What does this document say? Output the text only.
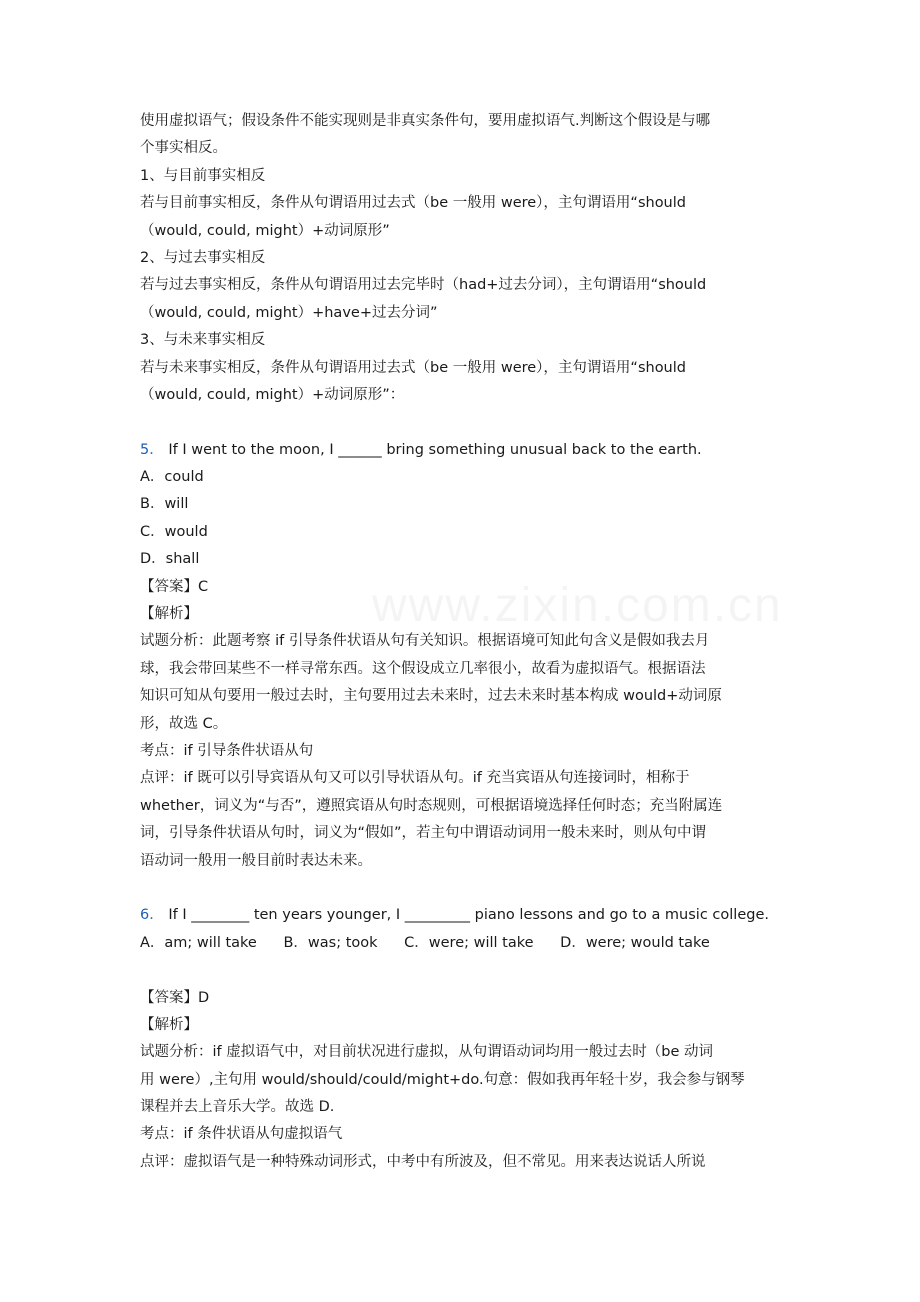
使用虚拟语气；假设条件不能实现则是非真实条件句，要用虚拟语气.判断这个假设是与哪
个事实相反。
1、与目前事实相反
若与目前事实相反，条件从句谓语用过去式（be 一般用 were），主句谓语用“should
（would, could, might）+动词原形”
2、与过去事实相反
若与过去事实相反，条件从句谓语用过去完毕时（had+过去分词），主句谓语用“should
（would, could, might）+have+过去分词”
3、与未来事实相反
若与未来事实相反，条件从句谓语用过去式（be 一般用 were），主句谓语用“should
（would, could, might）+动词原形”：
5． If I went to the moon, I ______ bring something unusual back to the earth.
A．could
B．will
C．would
D．shall
【答案】C
【解析】
试题分析：此题考察 if 引导条件状语从句有关知识。根据语境可知此句含义是假如我去月
球，我会带回某些不一样寻常东西。这个假设成立几率很小，故看为虚拟语气。根据语法
知识可知从句要用一般过去时，主句要用过去未来时，过去未来时基本构成 would+动词原
形，故选 C。
考点：if 引导条件状语从句
点评：if 既可以引导宾语从句又可以引导状语从句。if 充当宾语从句连接词时，相称于
whether，词义为“与否”，遵照宾语从句时态规则，可根据语境选择任何时态；充当附属连
词，引导条件状语从句时，词义为“假如”，若主句中谓语动词用一般未来时，则从句中谓
语动词一般用一般目前时表达未来。
6． If I ________ ten years younger, I _________ piano lessons and go to a music college.
A．am; will take B．was; took C．were; will take D．were; would take
【答案】D
【解析】
试题分析：if 虚拟语气中，对目前状况进行虚拟，从句谓语动词均用一般过去时（be 动词
用 were）,主句用 would/should/could/might+do.句意：假如我再年轻十岁，我会参与钢琴
课程并去上音乐大学。故选 D.
考点：if 条件状语从句虚拟语气
点评：虚拟语气是一种特殊动词形式，中考中有所波及，但不常见。用来表达说话人所说
